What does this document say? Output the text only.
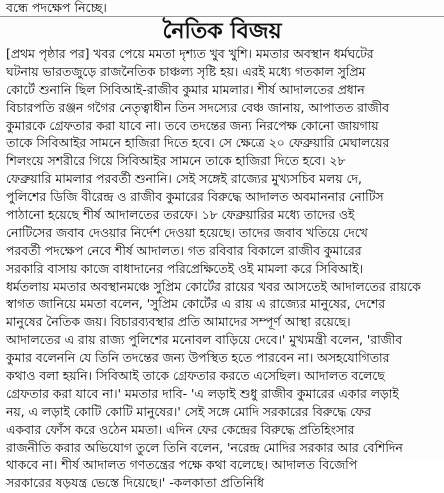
বন্ধে পদক্ষেপ নিচ্ছে।
নৈতিক বিজয়
[প্রথম পৃষ্ঠার পর] খবর পেয়ে মমতা দৃশ্যত খুব খুশি। মমতার অবস্থান ধর্মঘটের
ঘটনায় ভারতজুড়ে রাজনৈতিক চাঞ্চল্য সৃষ্টি হয়। এরই মধ্যে গতকাল সুপ্রিম
কোর্টে শুনানি ছিল সিবিআই-রাজীব কুমার মামলার। শীর্ষ আদালতের প্রধান
বিচারপতি রঞ্জন গগৈর নেতৃত্বাধীন তিন সদস্যের বেঞ্চ জানায়, আপাতত রাজীব
কুমারকে গ্রেফতার করা যাবে না। তবে তদন্তের জন্য নিরপেক্ষ কোনো জায়গায়
তাকে সিবিআইর সামনে হাজিরা দিতে হবে। সে ক্ষেত্রে ২০ ফেব্রুয়ারি মেঘালয়ের
শিলংয়ে সশরীরে গিয়ে সিবিআইর সামনে তাকে হাজিরা দিতে হবে। ২৮
ফেব্রুয়ারি মামলার পরবর্তী শুনানি। সেই সঙ্গেই রাজ্যের মুখ্যসচিব মলয় দে,
পুলিশের ডিজি বীরেন্দ্র ও রাজীব কুমারের বিরুদ্ধে আদালত অবমাননার নোটিস
পাঠানো হয়েছে শীর্ষ আদালতের তরফে। ১৮ ফেব্রুয়ারির মধ্যে তাদের ওই
নোটিসের জবাব দেওয়ার নির্দেশ দেওয়া হয়েছে। তাদের জবাব খতিয়ে দেখে
পরবর্তী পদক্ষেপ নেবে শীর্ষ আদালত। গত রবিবার বিকালে রাজীব কুমারের
সরকারি বাসায় কাজে বাধাদানের পরিপ্রেক্ষিতেই ওই মামলা করে সিবিআই।
ধর্মতলায় মমতার অবস্থানমঞ্চে সুপ্রিম কোর্টের রায়ের খবর আসতেই আদালতের রায়কে
স্বাগত জানিয়ে মমতা বলেন, 'সুপ্রিম কোর্টের এ রায় এ রাজ্যের মানুষের, দেশের
মানুষের নৈতিক জয়। বিচারব্যবস্থার প্রতি আমাদের সম্পূর্ণ আস্থা রয়েছে।
আদালতের এ রায় রাজ্য পুলিশের মনোবল বাড়িয়ে দেবে।' মুখ্যমন্ত্রী বলেন, 'রাজীব
কুমার বলেননি যে তিনি তদন্তের জন্য উপস্থিত হতে পারবেন না। অসহযোগিতার
কথাও বলা হয়নি। সিবিআই তাকে গ্রেফতার করতে এসেছিল। আদালত বলেছে
গ্রেফতার করা যাবে না।' মমতার দাবি- 'এ লড়াই শুধু রাজীব কুমারের একার লড়াই
নয়, এ লড়াই কোটি কোটি মানুষের।' সেই সঙ্গে মোদি সরকারের বিরুদ্ধে ফের
একবার ফোঁস করে ওঠেন মমতা। এদিন ফের কেন্দ্রের বিরুদ্ধে প্রতিহিংসার
রাজনীতি করার অভিযোগ তুলে তিনি বলেন, 'নরেন্দ্র মোদির সরকার আর বেশিদিন
থাকবে না। শীর্ষ আদালত গণতন্ত্রের পক্ষে কথা বলেছে। আদালত বিজেপি
সরকারের ষড়যন্ত্র ভেস্তে দিয়েছে।' -কলকাতা প্রতিনিধি
